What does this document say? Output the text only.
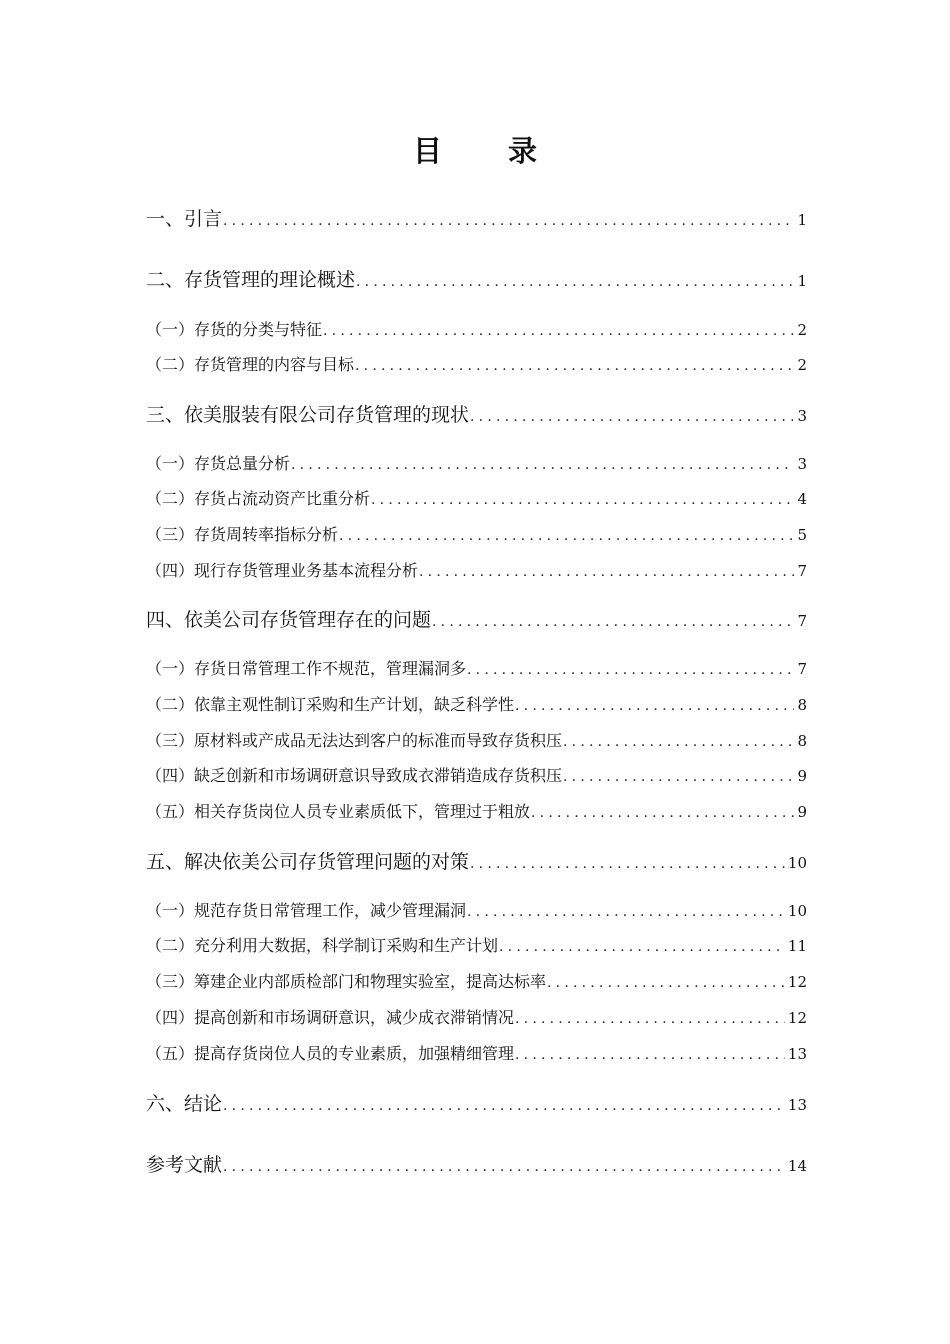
目 录
一、引言 .....	1
二、存货管理的理论概述 .....	1
（一）存货的分类与特征 .....	2
（二）存货管理的内容与目标 .....	2
三、依美服装有限公司存货管理的现状 .....	3
（一）存货总量分析 .....	3
（二）存货占流动资产比重分析 .....	4
（三）存货周转率指标分析 .....	5
（四）现行存货管理业务基本流程分析 .....	7
四、依美公司存货管理存在的问题 .....	7
（一）存货日常管理工作不规范，管理漏洞多 .....	7
（二）依靠主观性制订采购和生产计划，缺乏科学性 .....	8
（三）原材料或产成品无法达到客户的标准而导致存货积压 .....	8
（四）缺乏创新和市场调研意识导致成衣滞销造成存货积压 .....	9
（五）相关存货岗位人员专业素质低下，管理过于粗放 .....	9
五、解决依美公司存货管理问题的对策 .....	10
（一）规范存货日常管理工作，减少管理漏洞 .....	10
（二）充分利用大数据，科学制订采购和生产计划 .....	11
（三）筹建企业内部质检部门和物理实验室，提高达标率 .....	12
（四）提高创新和市场调研意识，减少成衣滞销情况 .....	12
（五）提高存货岗位人员的专业素质，加强精细管理 .....	13
六、结论 .....	13
参考文献 .....	14
